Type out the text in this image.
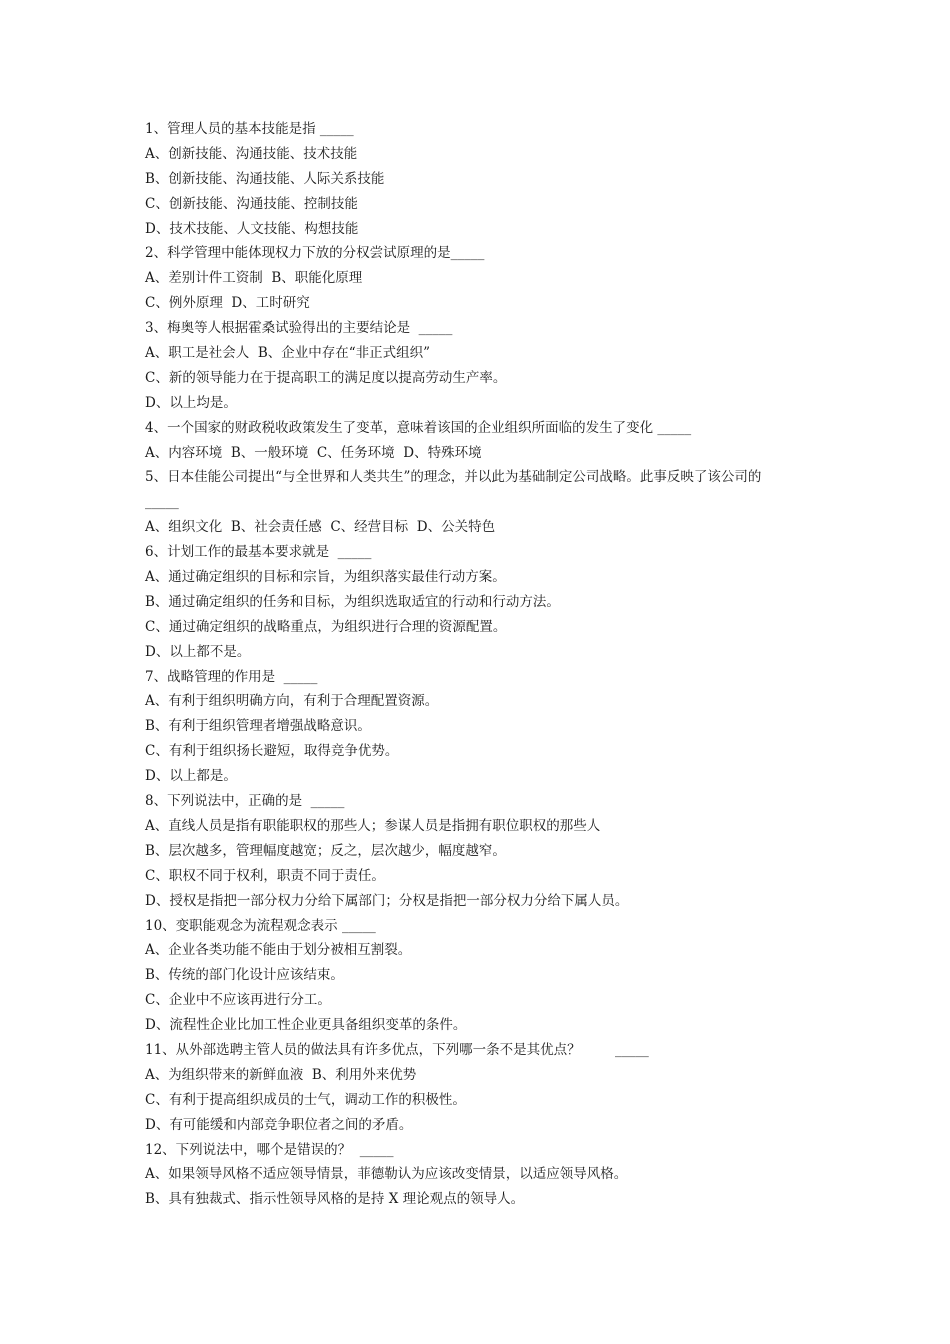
1、管理人员的基本技能是指 _____
A、创新技能、沟通技能、技术技能
B、创新技能、沟通技能、人际关系技能
C、创新技能、沟通技能、控制技能
D、技术技能、人文技能、构想技能
2、科学管理中能体现权力下放的分权尝试原理的是_____
A、差别计件工资制  B、职能化原理
C、例外原理  D、工时研究
3、梅奥等人根据霍桑试验得出的主要结论是  _____
A、职工是社会人  B、企业中存在“非正式组织”
C、新的领导能力在于提高职工的满足度以提高劳动生产率。
D、以上均是。
4、一个国家的财政税收政策发生了变革，意味着该国的企业组织所面临的发生了变化 _____
A、内容环境  B、一般环境  C、任务环境  D、特殊环境
5、日本佳能公司提出“与全世界和人类共生”的理念，并以此为基础制定公司战略。此事反映了该公司的
_____
A、组织文化  B、社会责任感  C、经营目标  D、公关特色
6、计划工作的最基本要求就是  _____
A、通过确定组织的目标和宗旨，为组织落实最佳行动方案。
B、通过确定组织的任务和目标，为组织选取适宜的行动和行动方法。
C、通过确定组织的战略重点，为组织进行合理的资源配置。
D、以上都不是。
7、战略管理的作用是  _____
A、有利于组织明确方向，有利于合理配置资源。
B、有利于组织管理者增强战略意识。
C、有利于组织扬长避短，取得竞争优势。
D、以上都是。
8、下列说法中，正确的是  _____
A、直线人员是指有职能职权的那些人；参谋人员是指拥有职位职权的那些人
B、层次越多，管理幅度越宽；反之，层次越少，幅度越窄。
C、职权不同于权利，职责不同于责任。
D、授权是指把一部分权力分给下属部门；分权是指把一部分权力分给下属人员。
10、变职能观念为流程观念表示 _____
A、企业各类功能不能由于划分被相互割裂。
B、传统的部门化设计应该结束。
C、企业中不应该再进行分工。
D、流程性企业比加工性企业更具备组织变革的条件。
11、从外部选聘主管人员的做法具有许多优点，下列哪一条不是其优点？        _____
A、为组织带来的新鲜血液  B、利用外来优势
C、有利于提高组织成员的士气，调动工作的积极性。
D、有可能缓和内部竞争职位者之间的矛盾。
12、下列说法中，哪个是错误的？  _____
A、如果领导风格不适应领导情景，菲德勒认为应该改变情景，以适应领导风格。
B、具有独裁式、指示性领导风格的是持 X 理论观点的领导人。
